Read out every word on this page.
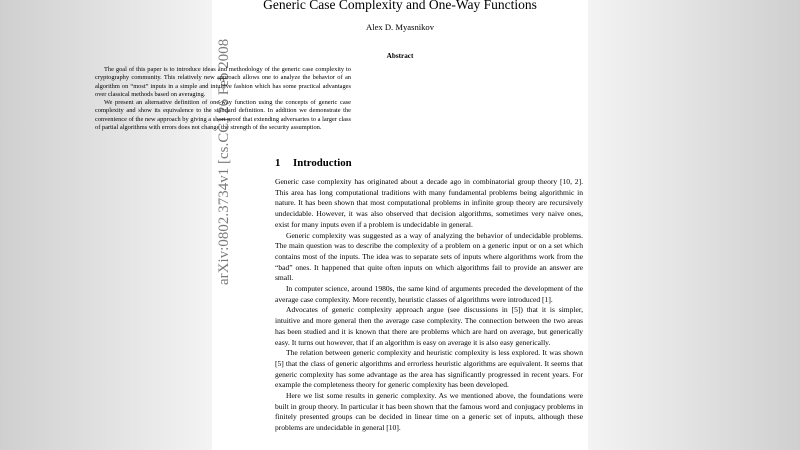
arXiv:0802.3734v1 [cs.CC] 26 Feb 2008
Generic Case Complexity and One-Way Functions
Alex D. Myasnikov
Abstract

The goal of this paper is to introduce ideas and methodology of the generic case complexity to cryptography community. This relatively new approach allows one to analyze the behavior of an algorithm on “most” inputs in a simple and intuitive fashion which has some practical advantages over classical methods based on averaging.

We present an alternative definition of one-way function using the concepts of generic case complexity and show its equivalence to the standard definition. In addition we demonstrate the convenience of the new approach by giving a short proof that extending adversaries to a larger class of partial algorithms with errors does not change the strength of the security assumption.

1 Introduction

Generic case complexity has originated about a decade ago in combinatorial group theory [10, 2]. This area has long computational traditions with many fundamental problems being algorithmic in nature. It has been shown that most computational problems in infinite group theory are recursively undecidable. However, it was also observed that decision algorithms, sometimes very naive ones, exist for many inputs even if a problem is undecidable in general.

Generic complexity was suggested as a way of analyzing the behavior of undecidable problems. The main question was to describe the complexity of a problem on a generic input or on a set which contains most of the inputs. The idea was to separate sets of inputs where algorithms work from the “bad” ones. It happened that quite often inputs on which algorithms fail to provide an answer are small.

In computer science, around 1980s, the same kind of arguments preceded the development of the average case complexity. More recently, heuristic classes of algorithms were introduced [1].

Advocates of generic complexity approach argue (see discussions in [5]) that it is simpler, intuitive and more general then the average case complexity. The connection between the two areas has been studied and it is known that there are problems which are hard on average, but generically easy. It turns out however, that if an algorithm is easy on average it is also easy generically.

The relation between generic complexity and heuristic complexity is less explored. It was shown [5] that the class of generic algorithms and errorless heuristic algorithms are equivalent. It seems that generic complexity has some advantage as the area has significantly progressed in recent years. For example the completeness theory for generic complexity has been developed.

Here we list some results in generic complexity. As we mentioned above, the foundations were built in group theory. In particular it has been shown that the famous word and conjugacy problems in finitely presented groups can be decided in linear time on a generic set of inputs, although these problems are undecidable in general [10].
